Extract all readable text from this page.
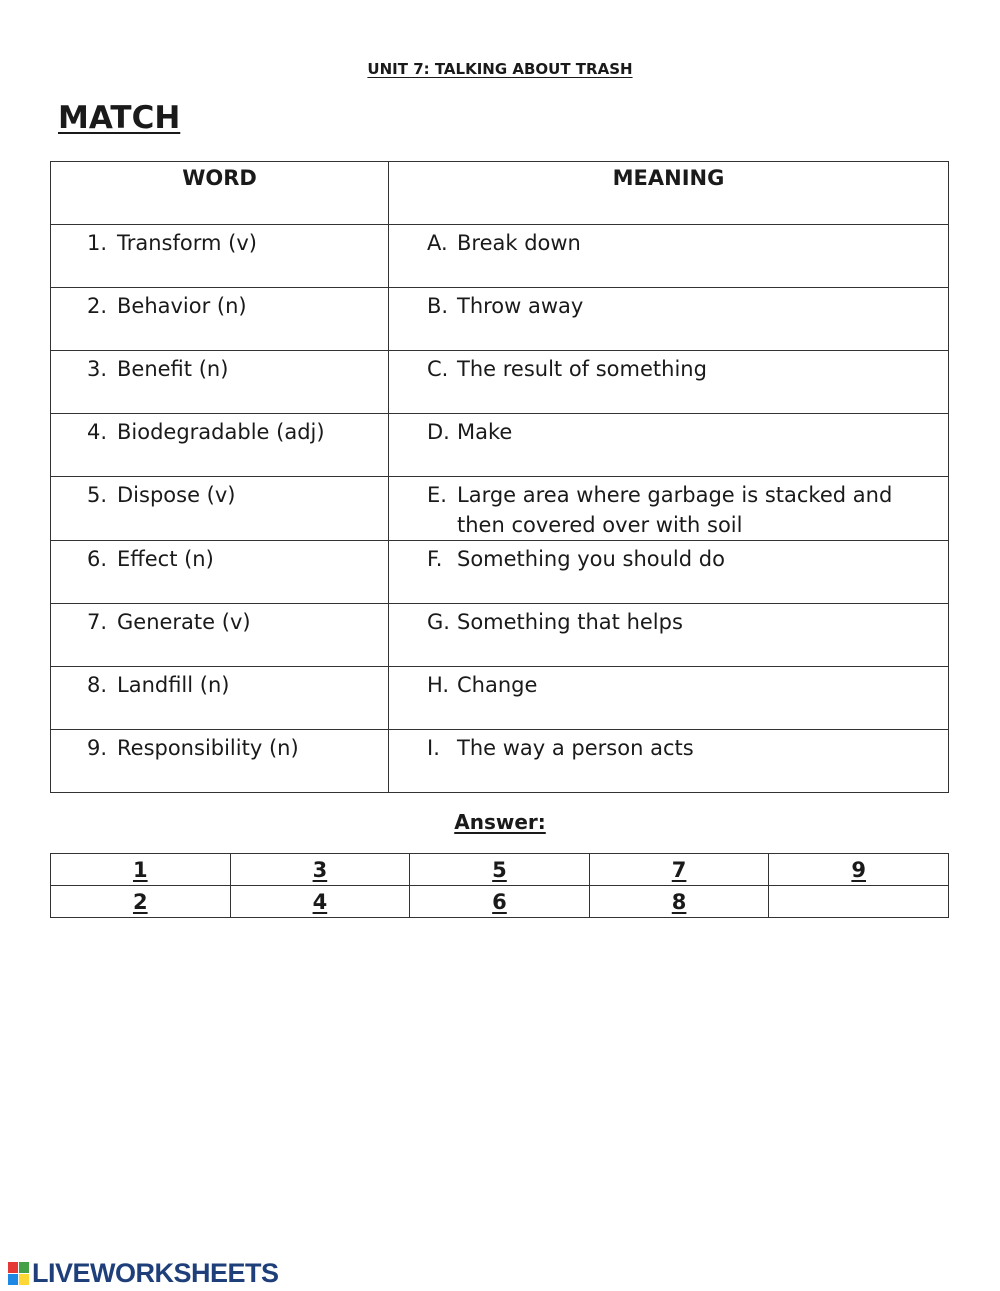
UNIT 7: TALKING ABOUT TRASH
MATCH
WORD	MEANING

1. Transform (v)	A. Break down

2. Behavior (n)	B. Throw away

3. Benefit (n)	C. The result of something

4. Biodegradable (adj)	D. Make

5. Dispose (v)	E. Large area where garbage is stacked and then covered over with soil

6. Effect (n)	F. Something you should do

7. Generate (v)	G. Something that helps

8. Landfill (n)	H. Change

9. Responsibility (n)	I. The way a person acts
Answer:
1	3	5	7	9
2	4	6	8	
LIVEWORKSHEETS
